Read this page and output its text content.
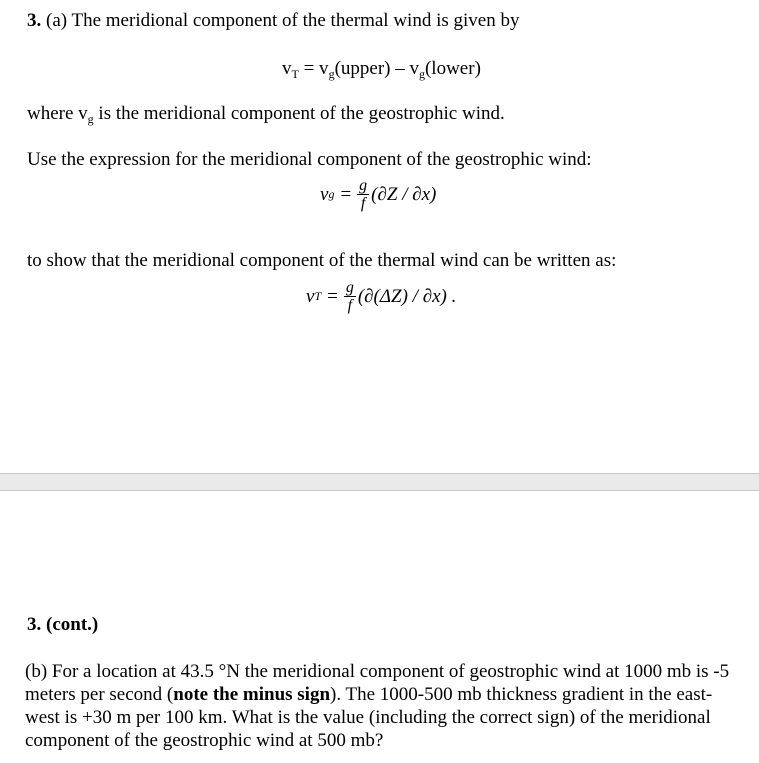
3. (a) The meridional component of the thermal wind is given by
$v_T$ = $v_g(upper)$ – $v_g(lower)$
where $v_g$ is the meridional component of the geostrophic wind.
Use the expression for the meridional component of the geostrophic wind:
v $g = \frac{g}{f} (\partial Z / \partial x)$
to show that the meridional component of the thermal wind can be written as:
v $T = \frac{g}{f} (\partial(\Delta Z) / \partial x)$ .
3. (cont.)
(b) For a location at 43.5 °N the meridional component of geostrophic wind at 1000 mb is -5 meters per second (note the minus sign). The 1000-500 mb thickness gradient in the east-west is +30 m per 100 km. What is the value (including the correct sign) of the meridional component of the geostrophic wind at 500 mb?
